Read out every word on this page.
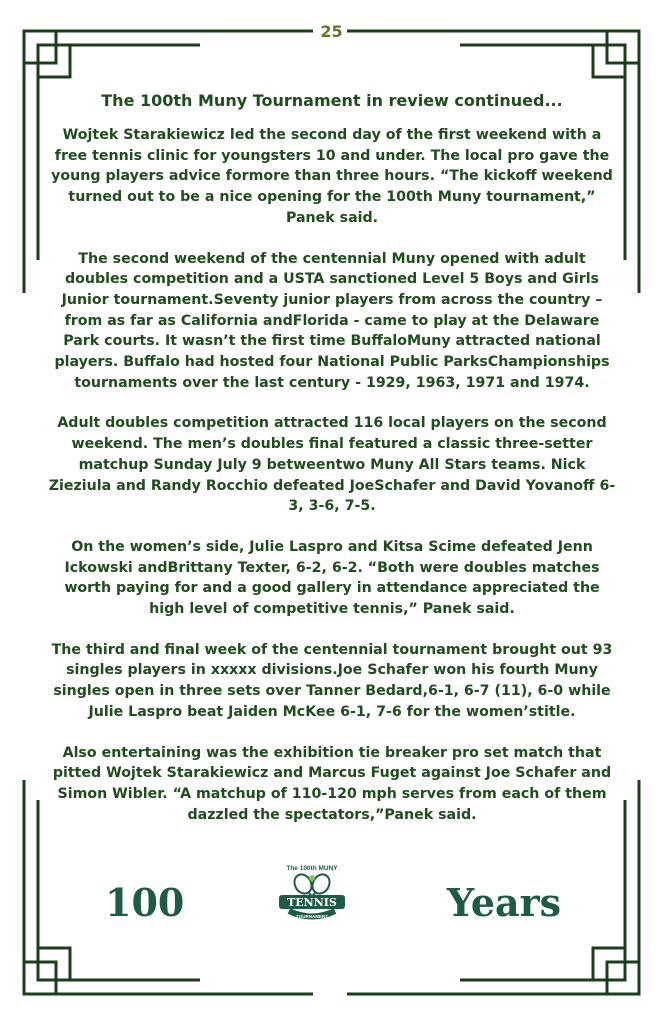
25
The 100th Muny Tournament in review continued...

Wojtek Starakiewicz led the second day of the first weekend with a free tennis clinic for youngsters 10 and under. The local pro gave the young players advice formore than three hours. “The kickoff weekend turned out to be a nice opening for the 100th Muny tournament,” Panek said.

The second weekend of the centennial Muny opened with adult doubles competition and a USTA sanctioned Level 5 Boys and Girls Junior tournament.Seventy junior players from across the country – from as far as California andFlorida - came to play at the Delaware Park courts. It wasn’t the first time BuffaloMuny attracted national players. Buffalo had hosted four National Public ParksChampionships tournaments over the last century - 1929, 1963, 1971 and 1974.

Adult doubles competition attracted 116 local players on the second weekend. The men’s doubles final featured a classic three-setter matchup Sunday July 9 betweentwo Muny All Stars teams. Nick Zieziula and Randy Rocchio defeated JoeSchafer and David Yovanoff 6-3, 3-6, 7-5.

On the women’s side, Julie Laspro and Kitsa Scime defeated Jenn Ickowski andBrittany Texter, 6-2, 6-2. “Both were doubles matches worth paying for and a good gallery in attendance appreciated the high level of competitive tennis,” Panek said.

The third and final week of the centennial tournament brought out 93 singles players in xxxxx divisions.Joe Schafer won his fourth Muny singles open in three sets over Tanner Bedard,6-1, 6-7 (11), 6-0 while Julie Laspro beat Jaiden McKee 6-1, 7-6 for the women’stitle.

Also entertaining was the exhibition tie breaker pro set match that pitted Wojtek Starakiewicz and Marcus Fuget against Joe Schafer and Simon Wibler. “A matchup of 110-120 mph serves from each of them dazzled the spectators,”Panek said.

100
The 100th MUNY
TENNIS
TOURNAMENT	Years
